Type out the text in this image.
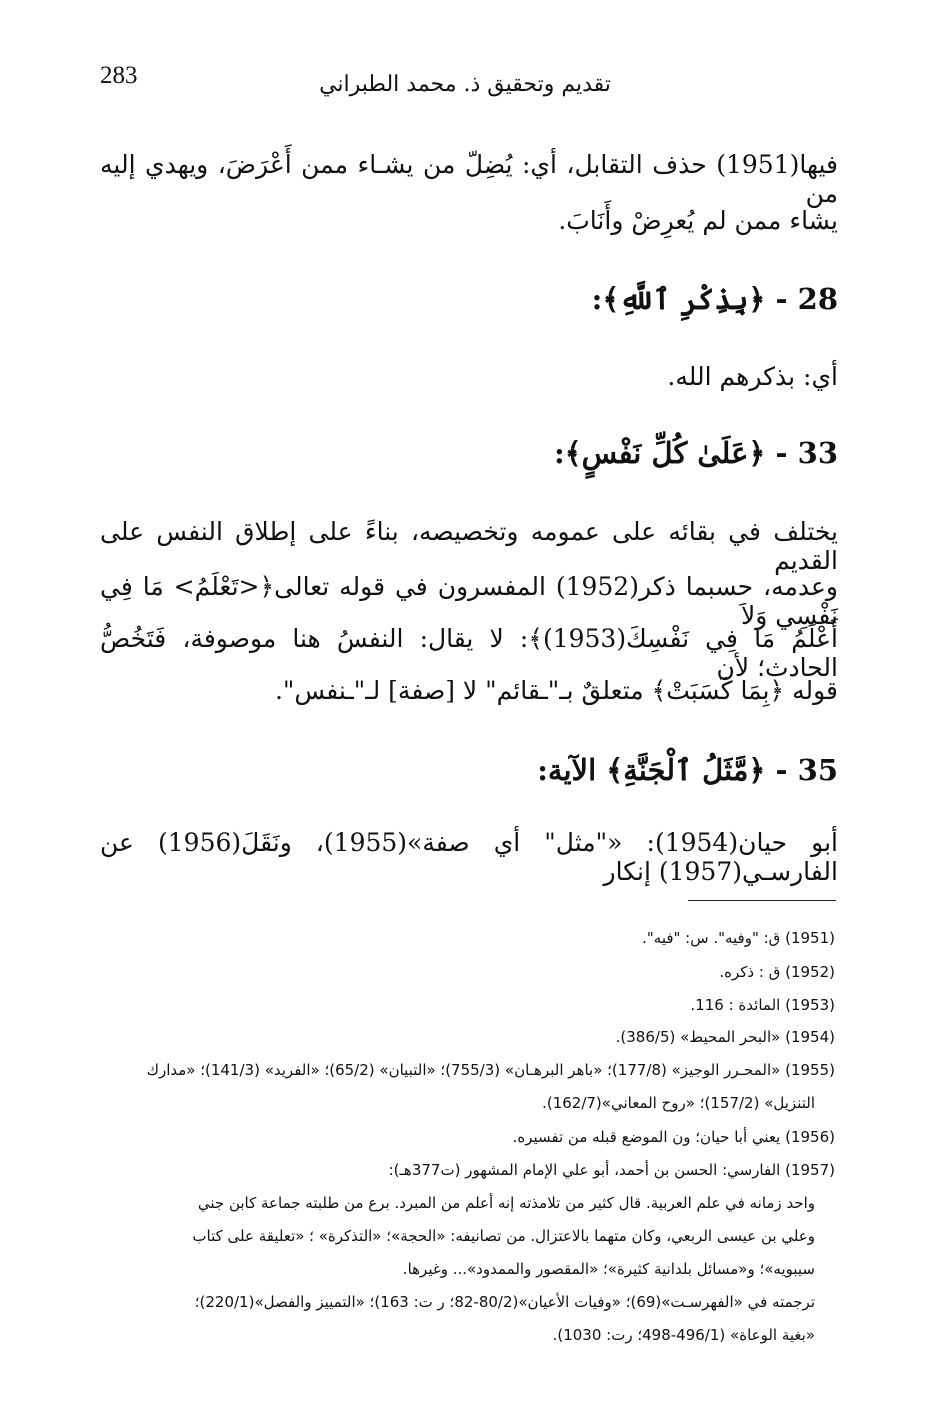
283	تقديم وتحقيق ذ. محمد الطبراني
فيها(1951) حذف التقابل، أي: يُضِلّ من يشـاء ممن أَعْرَضَ، ويهدي إليه من
يشاء ممن لم يُعرِضْ وأَنَابَ.
28 - ﴿بِذِكْرِ ٱللَّهِ﴾:
أي: بذكرهم الله.
33 - ﴿عَلَىٰ كُلِّ نَفْسٍ﴾:
يختلف في بقائه على عمومه وتخصيصه، بناءً على إطلاق النفس على القديم
وعدمه، حسبما ذكر(1952) المفسرون في قوله تعالى﴿<تَعْلَمُ> مَا فِي نَفْسِي وَلاَ
أَعْلَمُ مَا فِي نَفْسِكَ(1953)﴾: لا يقال: النفسُ هنا موصوفة، فَتَخُصُّ الحادث؛ لأن
قوله ﴿بِمَا كَسَبَتْ﴾ متعلقٌ بـ"ـقائم" لا [صفة] لـ"ـنفس".
35 - ﴿مَّثَلُ ٱلْجَنَّةِ﴾ الآية:
أبو حيان(1954): «"مثل" أي صفة»(1955)، ونَقَلَ(1956) عن الفارسـي(1957) إنكار
(1951) ق: "وفيه". س: "فيه".
(1952) ق : ذكره.
(1953) المائدة : 116.
(1954) «البحر المحيط» (386/5).
(1955) «المحـرر الوجيز» (177/8)؛ «باهر البرهـان» (755/3)؛ «التبيان» (65/2)؛ «الفريد» (141/3)؛ «مدارك
التنزيل» (157/2)؛ «روح المعاني»(162/7).
(1956) يعني أبا حيان؛ ون الموضع قبله من تفسيره.
(1957) الفارسي: الحسن بن أحمد، أبو علي الإمام المشهور (ت377هـ):
واحد زمانه في علم العربية. قال كثير من تلامذته إنه أعلم من المبرد. برع من طلبته جماعة كابن جني
وعلي بن عيسى الربعي، وكان متهما بالاعتزال. من تصانيفه: «الحجة»؛ «التذكرة» ؛ «تعليقة على كتاب
سيبويه»؛ و«مسائل بلدانية كثيرة»؛ «المقصور والممدود»... وغيرها.
ترجمته في «الفهرسـت»(69)؛ «وفيات الأعيان»(80/2-82؛ ر ت: 163)؛ «التمييز والفصل»(220/1)؛
«بغية الوعاة» (496/1-498؛ رت: 1030).
